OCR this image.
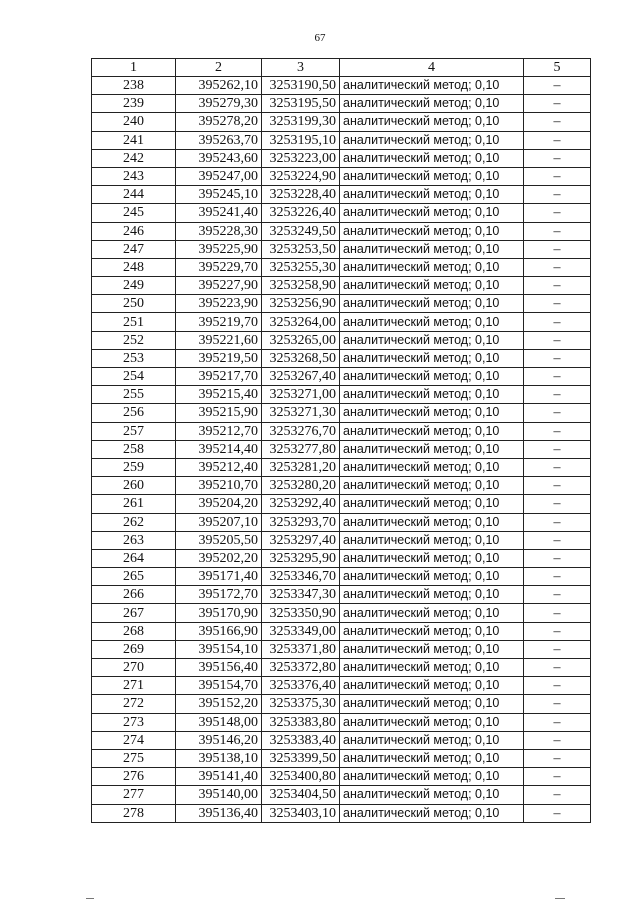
67
1	2	3	4	5
238	395262,10	3253190,50	аналитический метод; 0,10	–
239	395279,30	3253195,50	аналитический метод; 0,10	–
240	395278,20	3253199,30	аналитический метод; 0,10	–
241	395263,70	3253195,10	аналитический метод; 0,10	–
242	395243,60	3253223,00	аналитический метод; 0,10	–
243	395247,00	3253224,90	аналитический метод; 0,10	–
244	395245,10	3253228,40	аналитический метод; 0,10	–
245	395241,40	3253226,40	аналитический метод; 0,10	–
246	395228,30	3253249,50	аналитический метод; 0,10	–
247	395225,90	3253253,50	аналитический метод; 0,10	–
248	395229,70	3253255,30	аналитический метод; 0,10	–
249	395227,90	3253258,90	аналитический метод; 0,10	–
250	395223,90	3253256,90	аналитический метод; 0,10	–
251	395219,70	3253264,00	аналитический метод; 0,10	–
252	395221,60	3253265,00	аналитический метод; 0,10	–
253	395219,50	3253268,50	аналитический метод; 0,10	–
254	395217,70	3253267,40	аналитический метод; 0,10	–
255	395215,40	3253271,00	аналитический метод; 0,10	–
256	395215,90	3253271,30	аналитический метод; 0,10	–
257	395212,70	3253276,70	аналитический метод; 0,10	–
258	395214,40	3253277,80	аналитический метод; 0,10	–
259	395212,40	3253281,20	аналитический метод; 0,10	–
260	395210,70	3253280,20	аналитический метод; 0,10	–
261	395204,20	3253292,40	аналитический метод; 0,10	–
262	395207,10	3253293,70	аналитический метод; 0,10	–
263	395205,50	3253297,40	аналитический метод; 0,10	–
264	395202,20	3253295,90	аналитический метод; 0,10	–
265	395171,40	3253346,70	аналитический метод; 0,10	–
266	395172,70	3253347,30	аналитический метод; 0,10	–
267	395170,90	3253350,90	аналитический метод; 0,10	–
268	395166,90	3253349,00	аналитический метод; 0,10	–
269	395154,10	3253371,80	аналитический метод; 0,10	–
270	395156,40	3253372,80	аналитический метод; 0,10	–
271	395154,70	3253376,40	аналитический метод; 0,10	–
272	395152,20	3253375,30	аналитический метод; 0,10	–
273	395148,00	3253383,80	аналитический метод; 0,10	–
274	395146,20	3253383,40	аналитический метод; 0,10	–
275	395138,10	3253399,50	аналитический метод; 0,10	–
276	395141,40	3253400,80	аналитический метод; 0,10	–
277	395140,00	3253404,50	аналитический метод; 0,10	–
278	395136,40	3253403,10	аналитический метод; 0,10	–
